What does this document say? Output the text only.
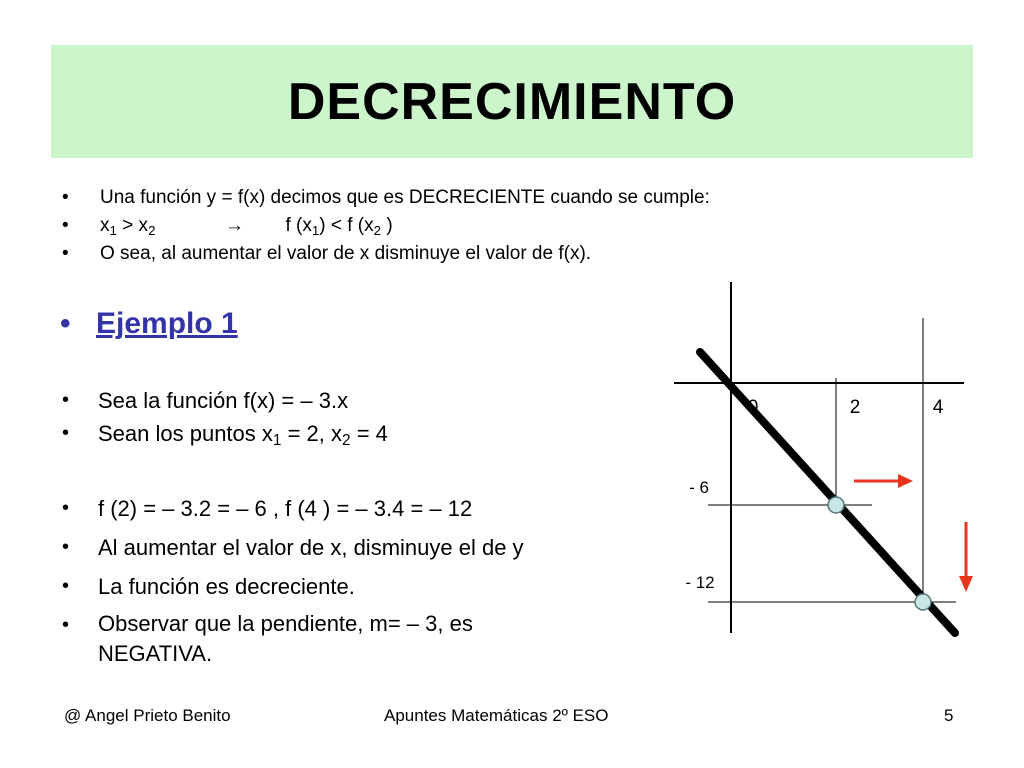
DECRECIMIENTO
•	Una función y = f(x) decimos que es DECRECIENTE cuando se cumple:
•	$x_1 > x_2$	→	f $(x_1) < f$ ($x_2$ )
•	O sea, al aumentar el valor de x disminuye el valor de f(x).
• Ejemplo 1
•	Sea la función f(x) = – 3.x
•	Sean los puntos $x_1 = 2$, $x_2 = 4$
•	f (2) = – 3.2 = – 6 , f (4 ) = – 3.4 = – 12
•	Al aumentar el valor de x, disminuye el de y
•	La función es decreciente.
•	Observar que la pendiente, m= – 3, es
NEGATIVA.
0	2	4
- 6
- 12
@ Angel Prieto Benito	Apuntes Matemáticas 2º ESO	5
